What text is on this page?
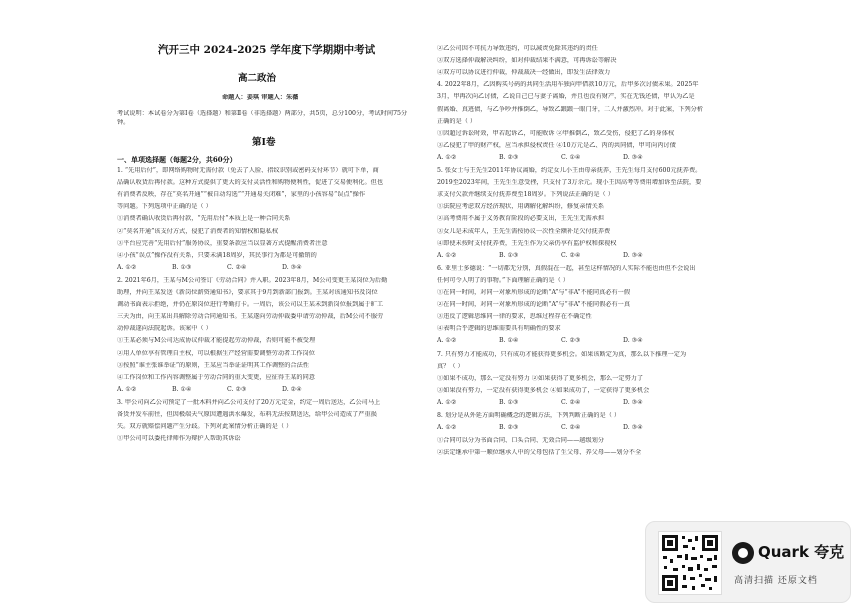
汽开三中 2024-2025 学年度下学期期中考试
高二政治
命题人：姜琪 审题人：朱薇
考试说明：本试卷分为第Ⅰ卷（选择题）和第Ⅱ卷（非选择题）两部分，共5页，总分100分，考试时间75分
钟。
第Ⅰ卷
一、单项选择题（每题2分，共60分）
1. “先用后付”，即网络购物时无需付款（免去了人脸、指纹识别或密码支付环节）就可下单，商
品确认收货后再付款。这种方式提供了更大的支付灵活性和购物便利性，促进了交易便利化。但也
有消费者反映，存在“莫名开通”“被自动勾选”“开通易关闭难”，家里的小孩容易“误点”操作
等问题。下列选项中正确的是（ ）
①消费者确认收货后再付款，“先用后付”本质上是一种合同关系
②“莫名开通”该支付方式，侵犯了消费者的知情权和隐私权
③平台应完善“先用后付”服务协议，重要条款应当以显著方式提醒消费者注意
④小孩“误点”操作没有关系，只要未满18周岁，其民事行为都是可撤销的
A. ①②	B. ①③	C. ②④	D. ③④
2. 2021年6月，王某与M公司签订《劳动合同》并入职。2023年8月，M公司变更王某岗位为后勤
助理，并向王某发送《新岗位薪资通知书》，要求其于9月到新部门报到。王某对该通知书及岗位
调动书面表示拒绝，并仍在原岗位进行考勤打卡。一周后，该公司以王某未到新岗位报到属于旷工
三天为由，向王某出具解除劳动合同通知书。王某遂向劳动仲裁委申请劳动仲裁，后M公司不服劳
动仲裁遂向法院起诉。该案中（ ）
①王某必须与M公司达成协议仲裁才能提起劳动仲裁，否则可能不被受理
②用人单位享有管理自主权，可以根据生产经营需要调整劳动者工作岗位
③按照“谁主张谁举证”的原则，王某应当举证证明其工作调整的合法性
④工作岗位和工作内容调整属于劳动合同的重大变更，应征得王某的同意
A. ①②	B. ①④	C. ②③	D. ②④
3. 甲公司向乙公司预定了一批木料并向乙公司支付了20万元定金，约定一周后送达，乙公司马上
备货并发车前往，但因极端天气原因遭遇洪水爆发，布料无法按期送达，给甲公司造成了严重损
失。双方就赔偿问题产生分歧。下列对此案情分析正确的是（ ）
①甲公司可以委托律师作为辩护人帮助其诉讼
②乙公司因不可抗力导致违约，可以减责免除其违约的责任
③双方选择仲裁解决纠纷，如对仲裁结果不满意，可再诉讼等解决
④双方可以协议进行仲裁，仲裁裁决一经做出，即发生法律效力
4. 2022年8月，乙因购买号码的共同生活用车独向甲借款10万元，后甲多次讨债未果。2025年
3月，甲再次向乙讨债，乙说自己已与妻子离婚，并且也没有财产，实在无钱还债，甲认为乙是
假离婚、真逃债，与乙争吵并推倒乙，导致乙踉踉一眼门牙，二人并激烈冲。对于此案，下列分析
正确的是（ ）
①因超过诉讼时效，甲若起诉乙，可能败诉 ②甲推倒乙，致乙受伤，侵犯了乙的身体权
③乙侵犯了甲的财产权，应当承担侵权责任 ④10万元是乙、丙的共同债，甲可向丙讨债
A. ①②	B. ②③	C. ①④	D. ③④
5. 张女士与王先生2011年协议离婚，约定女儿小王由母亲抚养，王先生每月支付600元抚养费。
2019至2023年间，王先生生意受挫，只支付了3万余元。现小王因高考等费用增加诉至法院，要
求支付欠款并继续支付抚养费至18周岁。下列说法正确的是（ ）
①法院应考虑双方经济现状，用调解化解纠纷，修复亲情关系
②高考费用不属于义务教育阶段的必要支出，王先生无需承担
③女儿是未成年人，王先生需按协议一次性全额补足欠付抚养费
④即使未按时支付抚养费，王先生作为父亲仍享有监护权和探视权
A. ①②	B. ①③	C. ②④	D. ③④
6. 亚里士多德说：“一切都无分别，真假混在一起，甚至这样情况的人实际不能也由但不会说出
任何可令人明了的事物。”下面理解正确的是（ ）
①在同一时间，对同一对象所形成的论断“A”与“非A”不能同真必有一假
②在同一时间，对同一对象所形成的论断“A”与“非A”不能同假必有一真
③违反了逻辑思维同一律的要求，思维过程存在不确定性
④表明合乎逻辑的思维需要具有明确性的要求
A. ①②	B. ①④	C. ②③	D. ③④
7. 只有努力才能成功，只有成功才能获得更多机会。如果该断定为真，那么以下推理一定为
真？（ ）
①如果不成功，那么一定没有努力 ②如果获得了更多机会，那么一定努力了
③如果没有努力，一定没有获得更多机会 ④如果成功了，一定获得了更多机会
A. ①②	B. ①③	C. ②④	D. ③④
8. 划分是从外延方面明确概念的逻辑方法，下列判断正确的是（ ）
A. ①②	B. ②③	C. ②④	D. ③④
①合同可以分为书面合同、口头合同、无效合同——越级划分
②法定继承中第一顺位继承人中的父母包括了生父母、养父母——划分不全
Quark 夸克
高清扫描 还原文档
